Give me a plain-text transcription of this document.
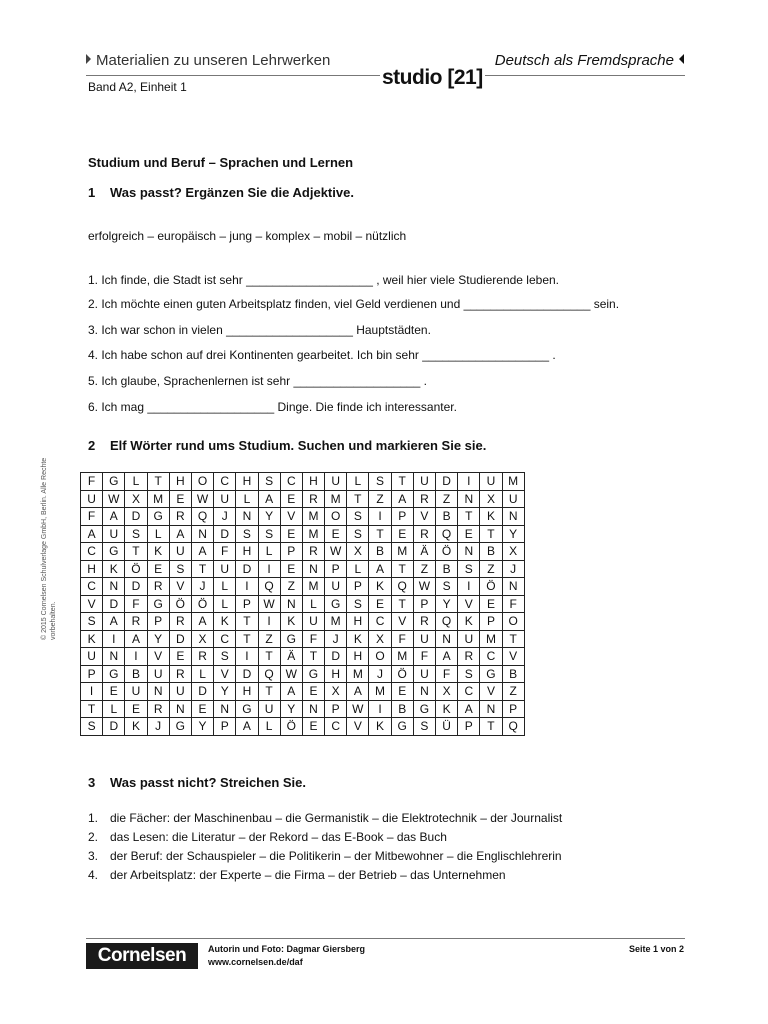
Materialien zu unseren Lehrwerken	Deutsch als Fremdsprache
studio [21]
Band A2, Einheit 1
Studium und Beruf – Sprachen und Lernen
1 Was passt? Ergänzen Sie die Adjektive.
erfolgreich – europäisch – jung – komplex – mobil – nützlich
1. Ich finde, die Stadt ist sehr ___________________ , weil hier viele Studierende leben.
2. Ich möchte einen guten Arbeitsplatz finden, viel Geld verdienen und ___________________ sein.
3. Ich war schon in vielen ___________________ Hauptstädten.
4. Ich habe schon auf drei Kontinenten gearbeitet. Ich bin sehr ___________________ .
5. Ich glaube, Sprachenlernen ist sehr ___________________ .
6. Ich mag ___________________ Dinge. Die finde ich interessanter.
2 Elf Wörter rund ums Studium. Suchen und markieren Sie sie.
F	G	L	T	H	O	C	H	S	C	H	U	L	S	T	U	D	I	U	M
U	W	X	M	E	W	U	L	A	E	R	M	T	Z	A	R	Z	N	X	U
F	A	D	G	R	Q	J	N	Y	V	M	O	S	I	P	V	B	T	K	N
A	U	S	L	A	N	D	S	S	E	M	E	S	T	E	R	Q	E	T	Y
C	G	T	K	U	A	F	H	L	P	R	W	X	B	M	Ä	Ö	N	B	X
H	K	Ö	E	S	T	U	D	I	E	N	P	L	A	T	Z	B	S	Z	J
C	N	D	R	V	J	L	I	Q	Z	M	U	P	K	Q	W	S	I	Ö	N
V	D	F	G	Ö	Ö	L	P	W	N	L	G	S	E	T	P	Y	V	E	F
S	A	R	P	R	A	K	T	I	K	U	M	H	C	V	R	Q	K	P	O
K	I	A	Y	D	X	C	T	Z	G	F	J	K	X	F	U	N	U	M	T
U	N	I	V	E	R	S	I	T	Ä	T	D	H	O	M	F	A	R	C	V
P	G	B	U	R	L	V	D	Q	W	G	H	M	J	Ö	U	F	S	G	B
I	E	U	N	U	D	Y	H	T	A	E	X	A	M	E	N	X	C	V	Z
T	L	E	R	N	E	N	G	U	Y	N	P	W	I	B	G	K	A	N	P
S	D	K	J	G	Y	P	A	L	Ö	E	C	V	K	G	S	Ü	P	T	Q
3 Was passt nicht? Streichen Sie.
1. die Fächer: der Maschinenbau – die Germanistik – die Elektrotechnik – der Journalist
2. das Lesen: die Literatur – der Rekord – das E-Book – das Buch
3. der Beruf: der Schauspieler – die Politikerin – der Mitbewohner – die Englischlehrerin
4. der Arbeitsplatz: der Experte – die Firma – der Betrieb – das Unternehmen
© 2015 Cornelsen Schulverlage GmbH, Berlin. Alle Rechte vorbehalten.
Cornelsen	Autorin und Foto: Dagmar Giersberg
www.cornelsen.de/daf
Seite 1 von 2
